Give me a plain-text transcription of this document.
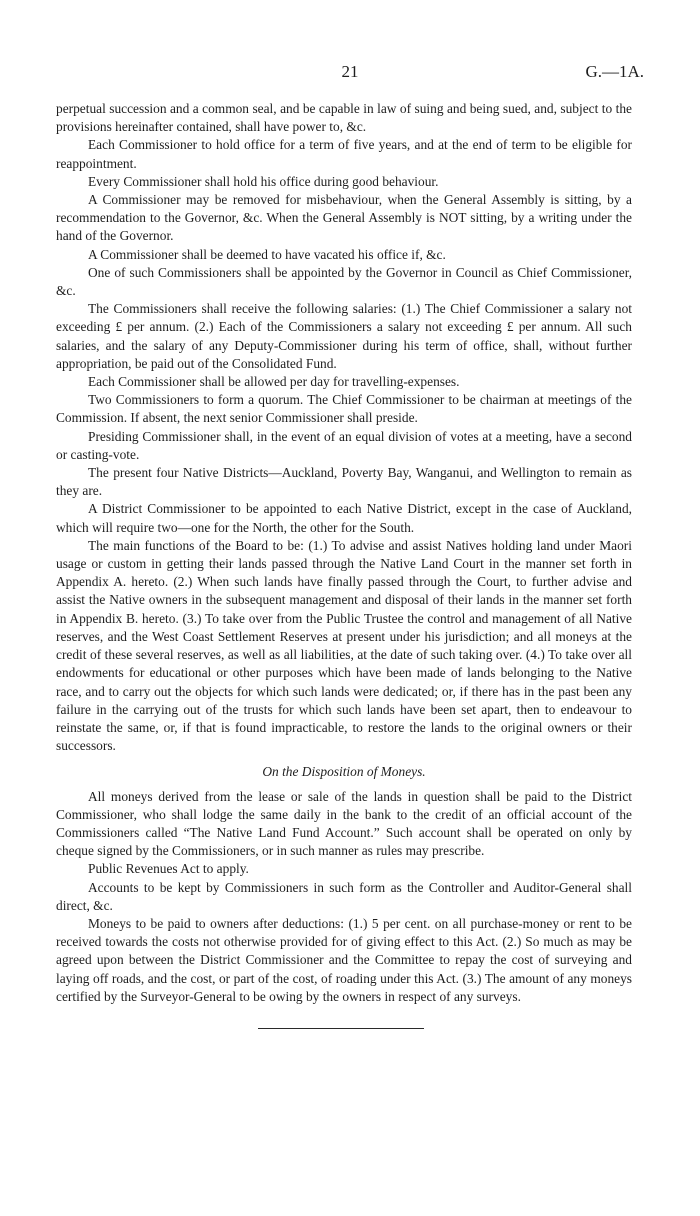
21	G.—1A.

perpetual succession and a common seal, and be capable in law of suing and being sued, and, subject to the provisions hereinafter contained, shall have power to, &c.

Each Commissioner to hold office for a term of five years, and at the end of term to be eligible for reappointment.

Every Commissioner shall hold his office during good behaviour.

A Commissioner may be removed for misbehaviour, when the General Assembly is sitting, by a recommendation to the Governor, &c. When the General Assembly is NOT sitting, by a writing under the hand of the Governor.

A Commissioner shall be deemed to have vacated his office if, &c.

One of such Commissioners shall be appointed by the Governor in Council as Chief Commissioner, &c.

The Commissioners shall receive the following salaries: (1.) The Chief Commissioner a salary not exceeding £ per annum. (2.) Each of the Commissioners a salary not exceeding £ per annum. All such salaries, and the salary of any Deputy-Commissioner during his term of office, shall, without further appropriation, be paid out of the Consolidated Fund.

Each Commissioner shall be allowed per day for travelling-expenses.

Two Commissioners to form a quorum. The Chief Commissioner to be chairman at meetings of the Commission. If absent, the next senior Commissioner shall preside.

Presiding Commissioner shall, in the event of an equal division of votes at a meeting, have a second or casting-vote.

The present four Native Districts—Auckland, Poverty Bay, Wanganui, and Wellington to remain as they are.

A District Commissioner to be appointed to each Native District, except in the case of Auckland, which will require two—one for the North, the other for the South.

The main functions of the Board to be: (1.) To advise and assist Natives holding land under Maori usage or custom in getting their lands passed through the Native Land Court in the manner set forth in Appendix A. hereto. (2.) When such lands have finally passed through the Court, to further advise and assist the Native owners in the subsequent management and disposal of their lands in the manner set forth in Appendix B. hereto. (3.) To take over from the Public Trustee the control and management of all Native reserves, and the West Coast Settlement Reserves at present under his jurisdiction; and all moneys at the credit of these several reserves, as well as all liabilities, at the date of such taking over. (4.) To take over all endowments for educational or other purposes which have been made of lands belonging to the Native race, and to carry out the objects for which such lands were dedicated; or, if there has in the past been any failure in the carrying out of the trusts for which such lands have been set apart, then to endeavour to reinstate the same, or, if that is found impracticable, to restore the lands to the original owners or their successors.

On the Disposition of Moneys.

All moneys derived from the lease or sale of the lands in question shall be paid to the District Commissioner, who shall lodge the same daily in the bank to the credit of an official account of the Commissioners called “The Native Land Fund Account.” Such account shall be operated on only by cheque signed by the Commissioners, or in such manner as rules may prescribe.

Public Revenues Act to apply.

Accounts to be kept by Commissioners in such form as the Controller and Auditor-General shall direct, &c.

Moneys to be paid to owners after deductions: (1.) 5 per cent. on all purchase-money or rent to be received towards the costs not otherwise provided for of giving effect to this Act. (2.) So much as may be agreed upon between the District Commissioner and the Committee to repay the cost of surveying and laying off roads, and the cost, or part of the cost, of roading under this Act. (3.) The amount of any moneys certified by the Surveyor-General to be owing by the owners in respect of any surveys.
